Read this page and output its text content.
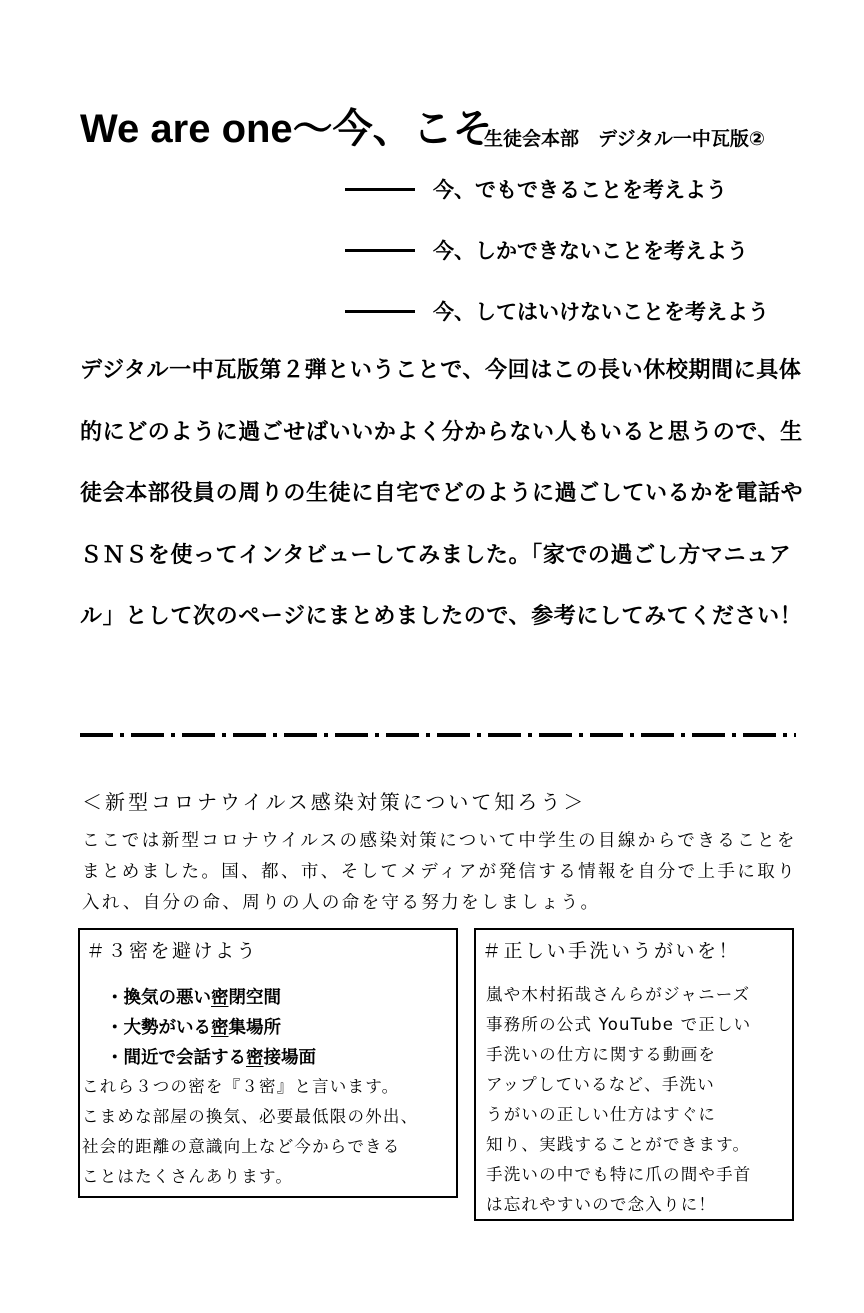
We are one～今、こそ
生徒会本部　デジタル一中瓦版②
今、でもできることを考えよう
今、しかできないことを考えよう
今、してはいけないことを考えよう
デジタル一中瓦版第２弾ということで、今回はこの長い休校期間に具体的にどのように過ごせばいいかよく分からない人もいると思うので、生徒会本部役員の周りの生徒に自宅でどのように過ごしているかを電話やＳＮＳを使ってインタビューしてみました。「家での過ごし方マニュアル」として次のページにまとめましたので、参考にしてみてください！
＜新型コロナウイルス感染対策について知ろう＞
ここでは新型コロナウイルスの感染対策について中学生の目線からできることをまとめました。国、都、市、そしてメディアが発信する情報を自分で上手に取り入れ、自分の命、周りの人の命を守る努力をしましょう。
＃３密を避けよう
・換気の悪い密閉空間
・大勢がいる密集場所
・間近で会話する密接場面
これら３つの密を『３密』と言います。
こまめな部屋の換気、必要最低限の外出、
社会的距離の意識向上など今からできる
ことはたくさんあります。
＃正しい手洗いうがいを！
嵐や木村拓哉さんらがジャニーズ
事務所の公式 YouTube で正しい
手洗いの仕方に関する動画を
アップしているなど、手洗い
うがいの正しい仕方はすぐに
知り、実践することができます。
手洗いの中でも特に爪の間や手首
は忘れやすいので念入りに！
